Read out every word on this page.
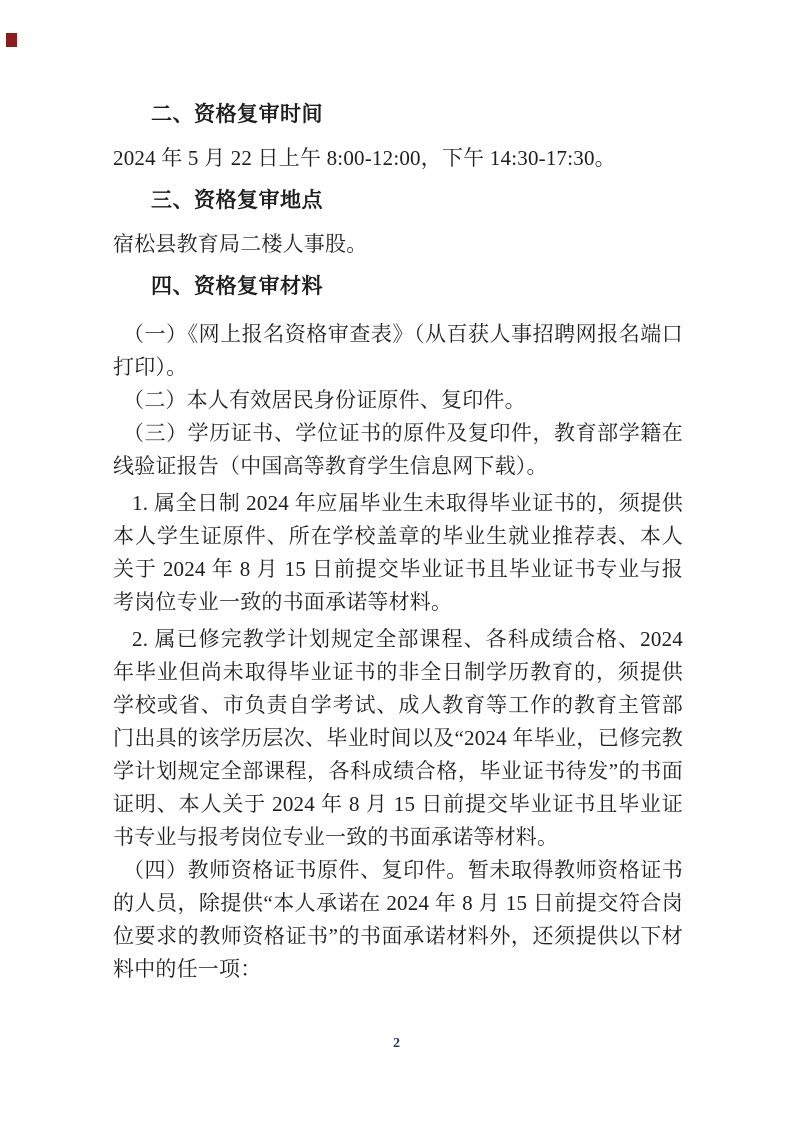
二、资格复审时间
2024 年 5 月 22 日上午 8:00-12:00，下午 14:30-17:30。
三、资格复审地点
宿松县教育局二楼人事股。
四、资格复审材料
（一）《网上报名资格审查表》（从百获人事招聘网报名端口打印）。
（二）本人有效居民身份证原件、复印件。
（三）学历证书、学位证书的原件及复印件，教育部学籍在线验证报告（中国高等教育学生信息网下载）。
1. 属全日制 2024 年应届毕业生未取得毕业证书的，须提供本人学生证原件、所在学校盖章的毕业生就业推荐表、本人关于 2024 年 8 月 15 日前提交毕业证书且毕业证书专业与报考岗位专业一致的书面承诺等材料。
2. 属已修完教学计划规定全部课程、各科成绩合格、2024 年毕业但尚未取得毕业证书的非全日制学历教育的，须提供学校或省、市负责自学考试、成人教育等工作的教育主管部门出具的该学历层次、毕业时间以及“2024 年毕业，已修完教学计划规定全部课程，各科成绩合格，毕业证书待发”的书面证明、本人关于 2024 年 8 月 15 日前提交毕业证书且毕业证书专业与报考岗位专业一致的书面承诺等材料。
（四）教师资格证书原件、复印件。暂未取得教师资格证书的人员，除提供“本人承诺在 2024 年 8 月 15 日前提交符合岗位要求的教师资格证书”的书面承诺材料外，还须提供以下材料中的任一项：
2
